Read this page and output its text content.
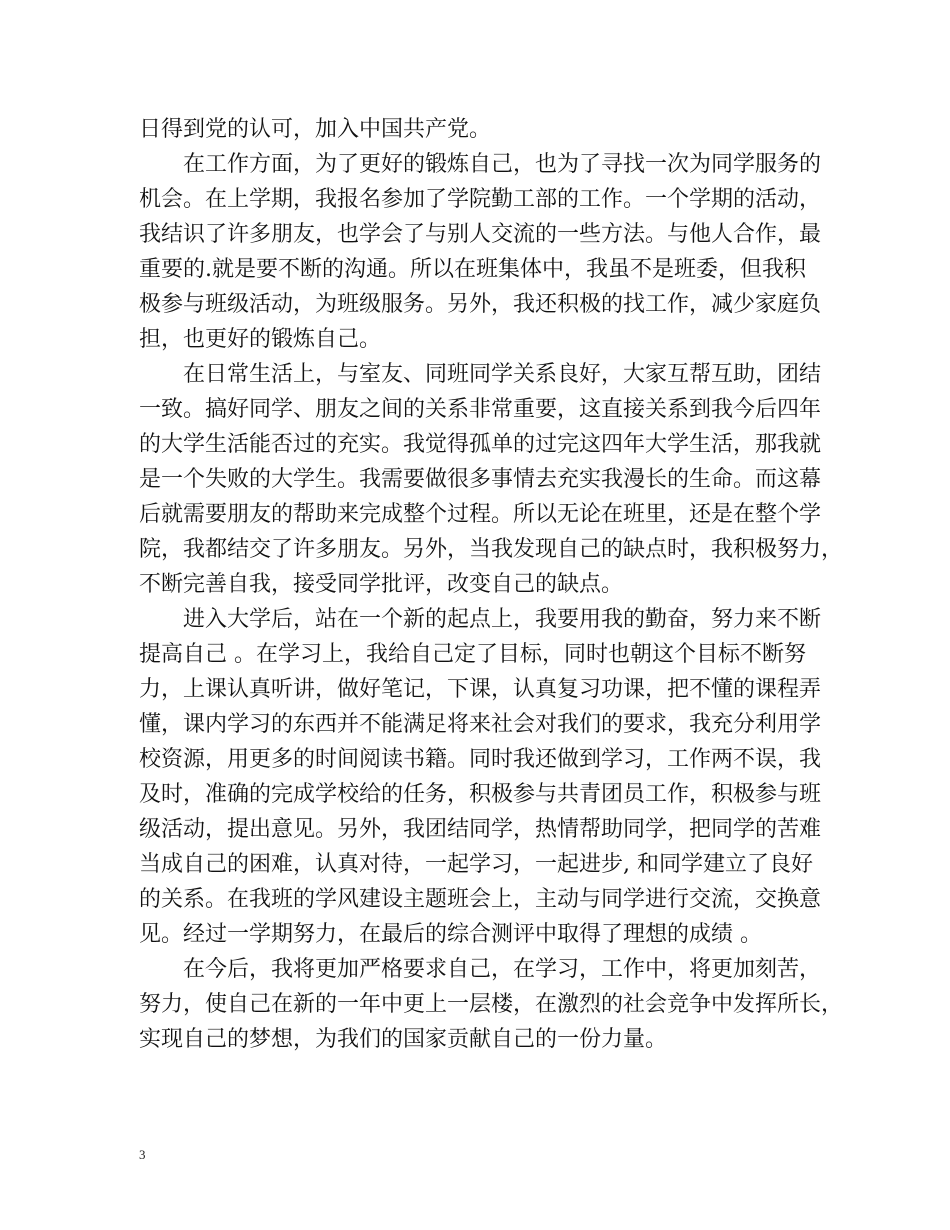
日得到党的认可，加入中国共产党。
　　在工作方面，为了更好的锻炼自己，也为了寻找一次为同学服务的
机会。在上学期，我报名参加了学院勤工部的工作。一个学期的活动，
我结识了许多朋友，也学会了与别人交流的一些方法。与他人合作，最
重要的.就是要不断的沟通。所以在班集体中，我虽不是班委，但我积
极参与班级活动，为班级服务。另外，我还积极的找工作，减少家庭负
担，也更好的锻炼自己。
　　在日常生活上，与室友、同班同学关系良好，大家互帮互助，团结
一致。搞好同学、朋友之间的关系非常重要，这直接关系到我今后四年
的大学生活能否过的充实。我觉得孤单的过完这四年大学生活，那我就
是一个失败的大学生。我需要做很多事情去充实我漫长的生命。而这幕
后就需要朋友的帮助来完成整个过程。所以无论在班里，还是在整个学
院，我都结交了许多朋友。另外，当我发现自己的缺点时，我积极努力，
不断完善自我，接受同学批评，改变自己的缺点。
　　进入大学后，站在一个新的起点上，我要用我的勤奋，努力来不断
提高自己 。在学习上，我给自己定了目标，同时也朝这个目标不断努
力，上课认真听讲，做好笔记，下课，认真复习功课，把不懂的课程弄
懂，课内学习的东西并不能满足将来社会对我们的要求，我充分利用学
校资源，用更多的时间阅读书籍。同时我还做到学习，工作两不误，我
及时，准确的完成学校给的任务，积极参与共青团员工作，积极参与班
级活动，提出意见。另外，我团结同学，热情帮助同学，把同学的苦难
当成自己的困难，认真对待，一起学习，一起进步, 和同学建立了良好
的关系。在我班的学风建设主题班会上，主动与同学进行交流，交换意
见。经过一学期努力，在最后的综合测评中取得了理想的成绩 。
　　在今后，我将更加严格要求自己，在学习，工作中，将更加刻苦，
努力，使自己在新的一年中更上一层楼，在激烈的社会竞争中发挥所长，
实现自己的梦想，为我们的国家贡献自己的一份力量。
3
